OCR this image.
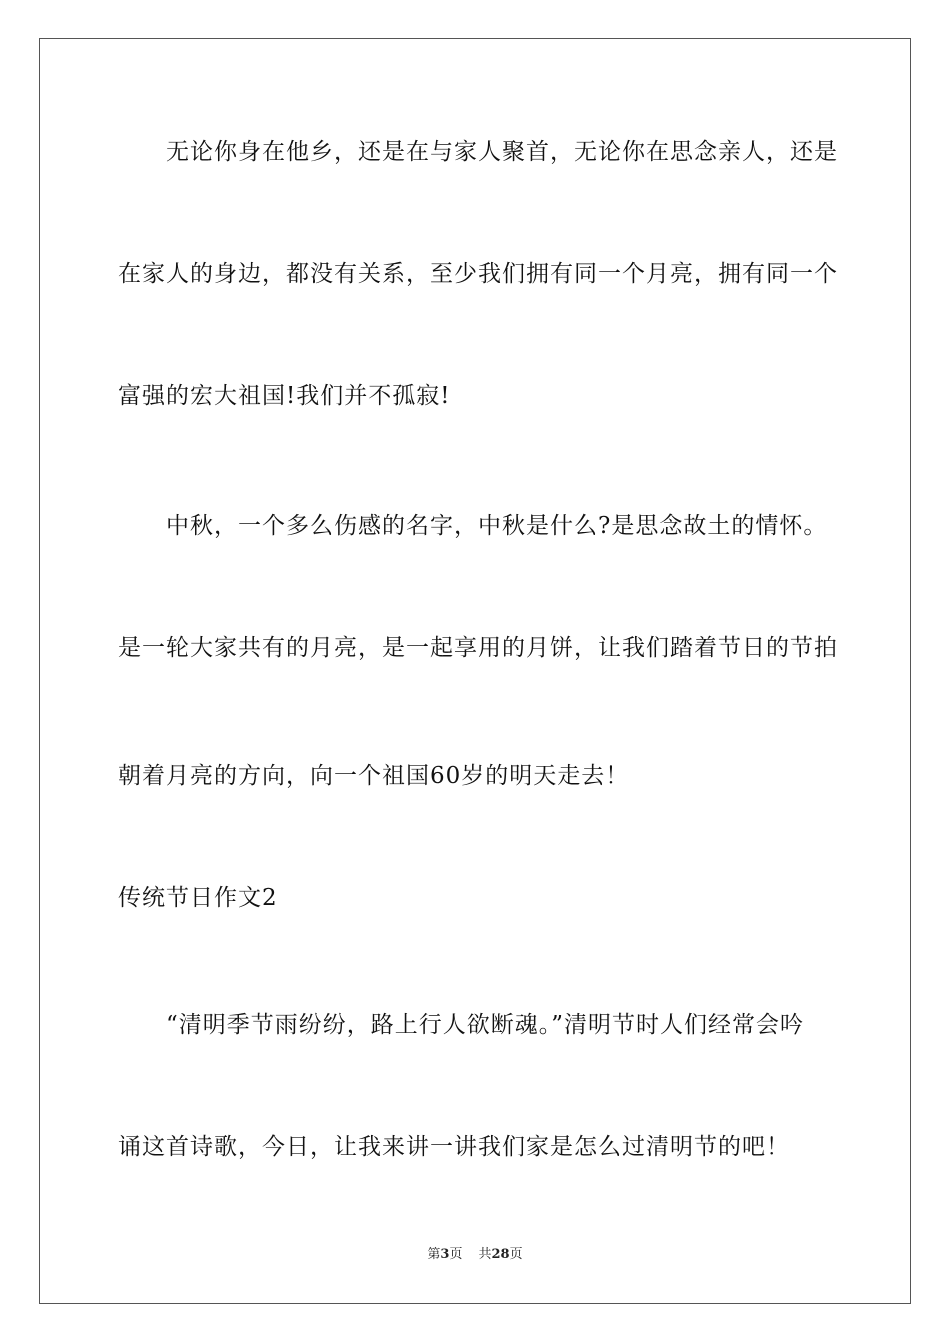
无论你身在他乡，还是在与家人聚首，无论你在思念亲人，还是
在家人的身边，都没有关系，至少我们拥有同一个月亮，拥有同一个
富强的宏大祖国!我们并不孤寂!
中秋，一个多么伤感的名字，中秋是什么?是思念故土的情怀。
是一轮大家共有的月亮，是一起享用的月饼，让我们踏着节日的节拍
朝着月亮的方向，向一个祖国60岁的明天走去！
传统节日作文2
“清明季节雨纷纷，路上行人欲断魂。”清明节时人们经常会吟
诵这首诗歌，今日，让我来讲一讲我们家是怎么过清明节的吧！
第3页 共28页
